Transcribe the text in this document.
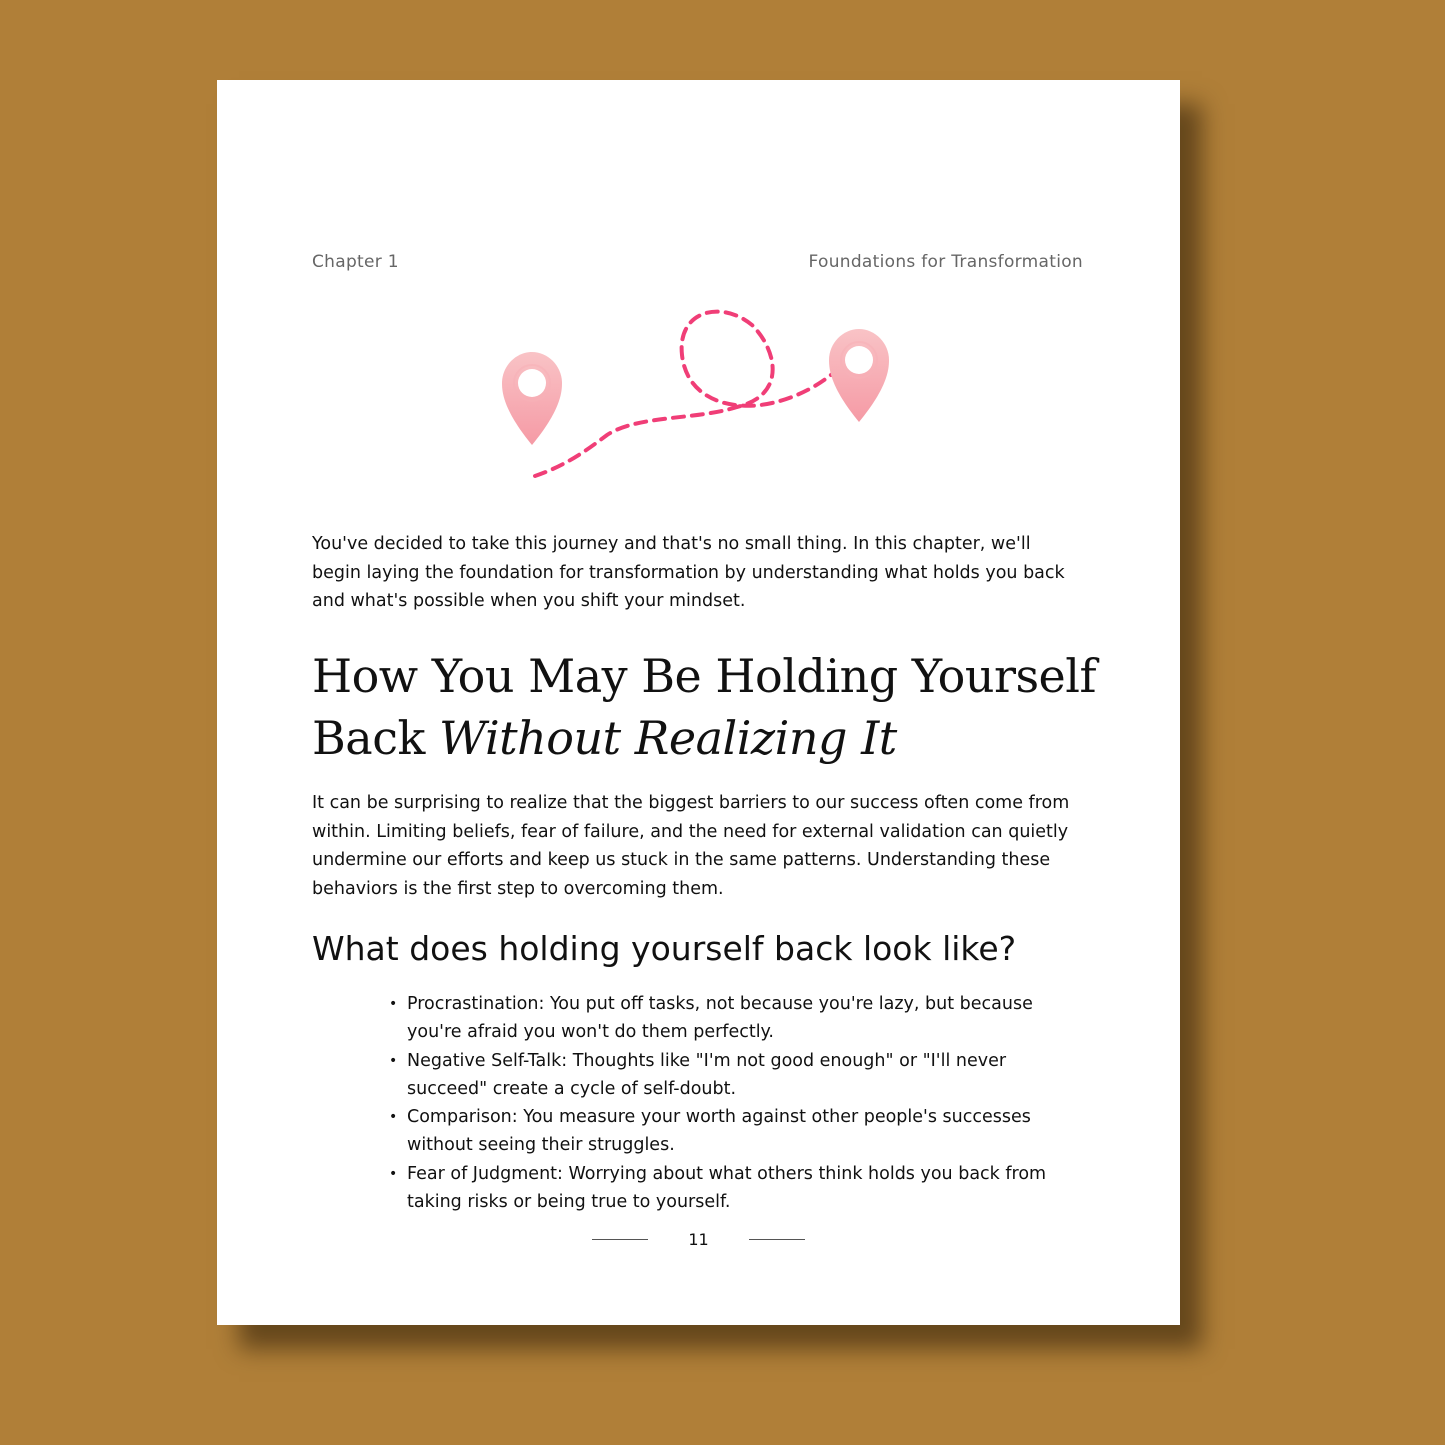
Chapter 1	Foundations for Transformation

You've decided to take this journey and that's no small thing. In this chapter, we'll begin laying the foundation for transformation by understanding what holds you back and what's possible when you shift your mindset.

How You May Be Holding Yourself Back Without Realizing It

It can be surprising to realize that the biggest barriers to our success often come from within. Limiting beliefs, fear of failure, and the need for external validation can quietly undermine our efforts and keep us stuck in the same patterns. Understanding these behaviors is the first step to overcoming them.

What does holding yourself back look like?
• Procrastination: You put off tasks, not because you're lazy, but because you're afraid you won't do them perfectly.
• Negative Self-Talk: Thoughts like "I'm not good enough" or "I'll never succeed" create a cycle of self-doubt.
• Comparison: You measure your worth against other people's successes without seeing their struggles.
• Fear of Judgment: Worrying about what others think holds you back from taking risks or being true to yourself.
11
